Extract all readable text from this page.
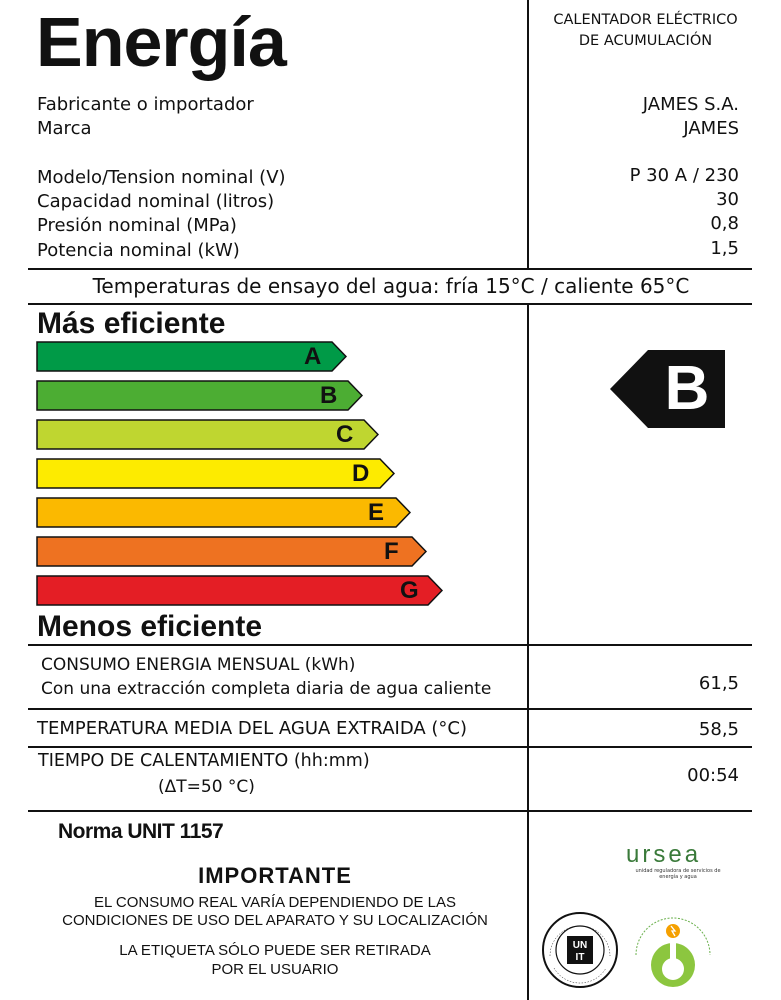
Energía	CALENTADOR ELÉCTRICO
DE ACUMULACIÓN
Fabricante o importador	JAMES S.A.
Marca	JAMES
Modelo/Tension nominal (V)	P 30 A / 230
Capacidad nominal (litros)	30
Presión nominal (MPa)	0,8
Potencia nominal (kW)	1,5
Temperaturas de ensayo del agua: fría 15°C / caliente 65°C
Más eficiente
A
B
C
D
E
F
G
Menos eficiente
B
CONSUMO ENERGIA MENSUAL (kWh)
Con una extracción completa diaria de agua caliente	61,5
TEMPERATURA MEDIA DEL AGUA EXTRAIDA (°C)	58,5
TIEMPO DE CALENTAMIENTO (hh:mm)
(ΔT=50 °C)
00:54
Norma UNIT 1157
IMPORTANTE
EL CONSUMO REAL VARÍA DEPENDIENDO DE LAS
CONDICIONES DE USO DEL APARATO Y SU LOCALIZACIÓN
LA ETIQUETA SÓLO PUEDE SER RETIRADA
POR EL USUARIO
ursea
unidad reguladora de servicios de energía y agua
UN
IT
